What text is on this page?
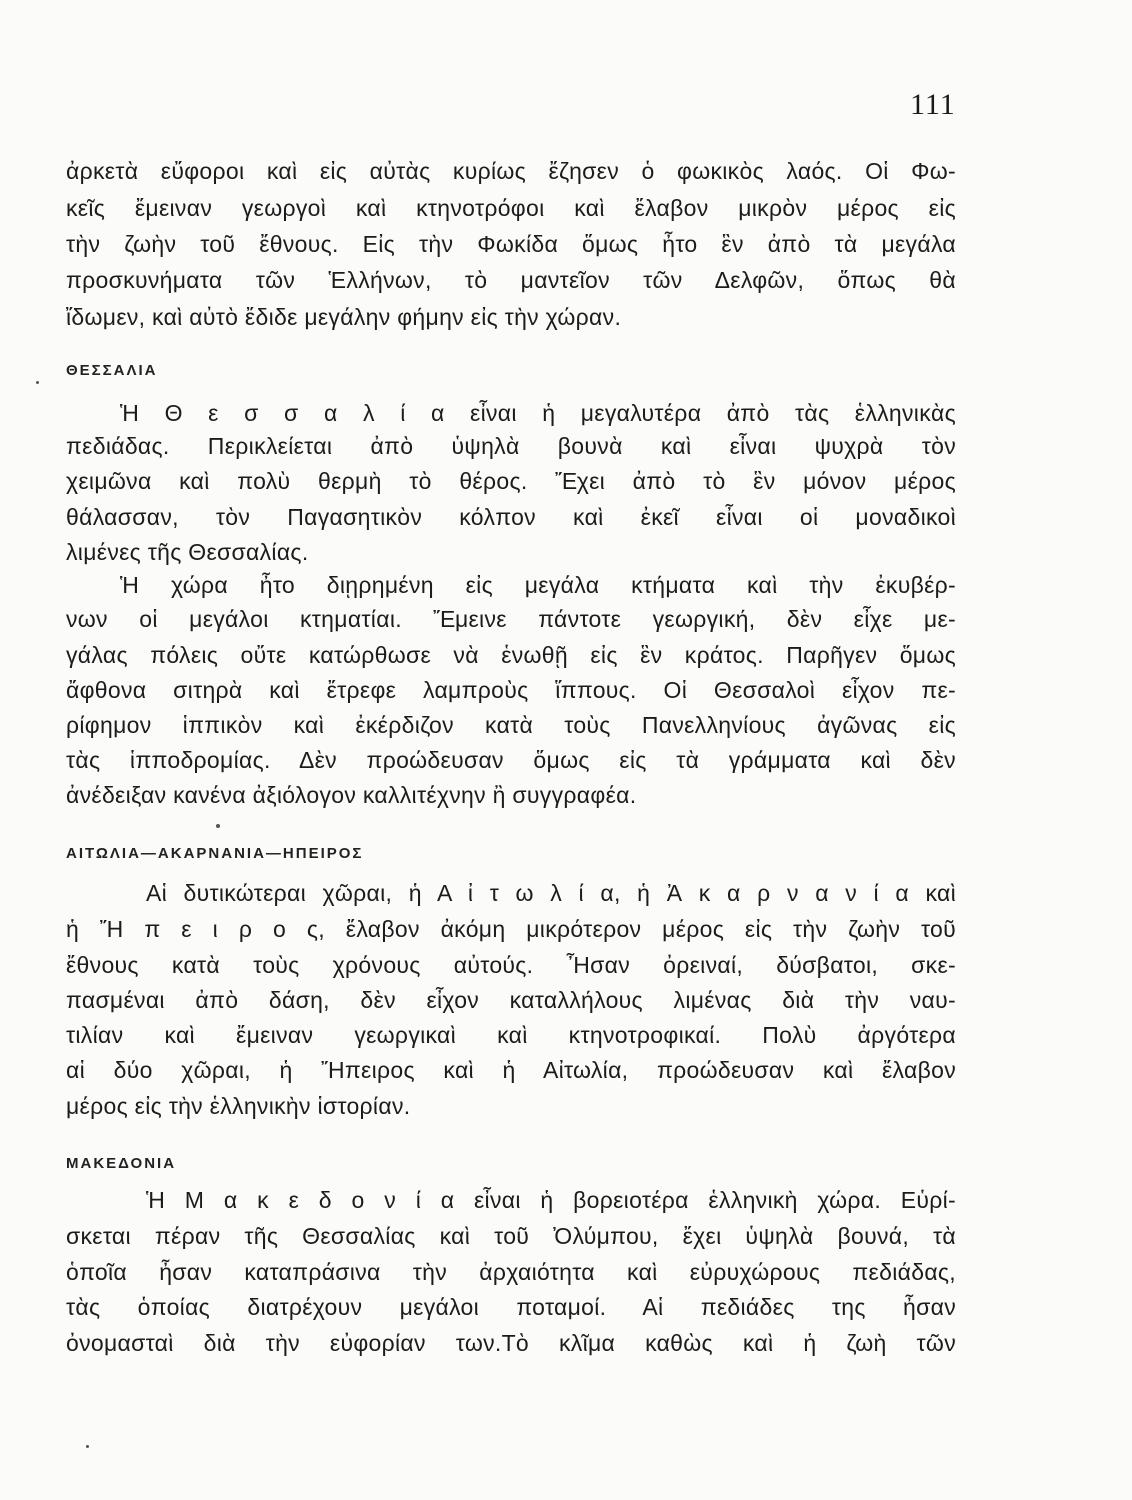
111
ἀρκετὰ εὔφοροι καὶ εἰς αὐτὰς κυρίως ἔζησεν ὁ φωκικὸς λαός. Οἱ Φω-
κεῖς ἔμειναν γεωργοὶ καὶ κτηνοτρόφοι καὶ ἔλαβον μικρὸν μέρος εἰς
τὴν ζωὴν τοῦ ἔθνους. Εἰς τὴν Φωκίδα ὅμως ἦτο ἓν ἀπὸ τὰ μεγάλα
προσκυνήματα τῶν Ἑλλήνων, τὸ μαντεῖον τῶν Δελφῶν, ὅπως θὰ
ἴδωμεν, καὶ αὐτὸ ἔδιδε μεγάλην φήμην εἰς τὴν χώραν.
ΘΕΣΣΑΛΙΑ
Ἡ Θ ε σ σ α λ ί α εἶναι ἡ μεγαλυτέρα ἀπὸ τὰς ἑλληνικὰς
πεδιάδας. Περικλείεται ἀπὸ ὑψηλὰ βουνὰ καὶ εἶναι ψυχρὰ τὸν
χειμῶνα καὶ πολὺ θερμὴ τὸ θέρος. Ἔχει ἀπὸ τὸ ἓν μόνον μέρος
θάλασσαν, τὸν Παγασητικὸν κόλπον καὶ ἐκεῖ εἶναι οἱ μοναδικοὶ
λιμένες τῆς Θεσσαλίας.
Ἡ χώρα ἦτο διῃρημένη εἰς μεγάλα κτήματα καὶ τὴν ἐκυβέρ-
νων οἱ μεγάλοι κτηματίαι. Ἔμεινε πάντοτε γεωργική, δὲν εἶχε με-
γάλας πόλεις οὔτε κατώρθωσε νὰ ἑνωθῇ εἰς ἓν κράτος. Παρῆγεν ὅμως
ἄφθονα σιτηρὰ καὶ ἔτρεφε λαμπροὺς ἵππους. Οἱ Θεσσαλοὶ εἶχον πε-
ρίφημον ἱππικὸν καὶ ἐκέρδιζον κατὰ τοὺς Πανελληνίους ἀγῶνας εἰς
τὰς ἱπποδρομίας. Δὲν προώδευσαν ὅμως εἰς τὰ γράμματα καὶ δὲν
ἀνέδειξαν κανένα ἀξιόλογον καλλιτέχνην ἢ συγγραφέα.
ΑΙΤΩΛΙΑ—ΑΚΑΡΝΑΝΙΑ—ΗΠΕΙΡΟΣ
Αἱ δυτικώτεραι χῶραι, ἡ Α ἰ τ ω λ ί α, ἡ Ἀ κ α ρ ν α ν ί α καὶ
ἡ Ἤ π ε ι ρ ο ς, ἔλαβον ἀκόμη μικρότερον μέρος εἰς τὴν ζωὴν τοῦ
ἔθνους κατὰ τοὺς χρόνους αὐτούς. Ἦσαν ὀρειναί, δύσβατοι, σκε-
πασμέναι ἀπὸ δάση, δὲν εἶχον καταλλήλους λιμένας διὰ τὴν ναυ-
τιλίαν καὶ ἔμειναν γεωργικαὶ καὶ κτηνοτροφικαί. Πολὺ ἀργότερα
αἱ δύο χῶραι, ἡ Ἤπειρος καὶ ἡ Αἰτωλία, προώδευσαν καὶ ἔλαβον
μέρος εἰς τὴν ἑλληνικὴν ἱστορίαν.
ΜΑΚΕΔΟΝΙΑ
Ἡ Μ α κ ε δ ο ν ί α εἶναι ἡ βορειοτέρα ἑλληνικὴ χώρα. Εὑρί-
σκεται πέραν τῆς Θεσσαλίας καὶ τοῦ Ὀλύμπου, ἔχει ὑψηλὰ βουνά, τὰ
ὁποῖα ἦσαν καταπράσινα τὴν ἀρχαιότητα καὶ εὐρυχώρους πεδιάδας,
τὰς ὁποίας διατρέχουν μεγάλοι ποταμοί. Αἱ πεδιάδες της ἦσαν
ὀνομασταὶ διὰ τὴν εὐφορίαν των.Τὸ κλῖμα καθὼς καὶ ἡ ζωὴ τῶν
